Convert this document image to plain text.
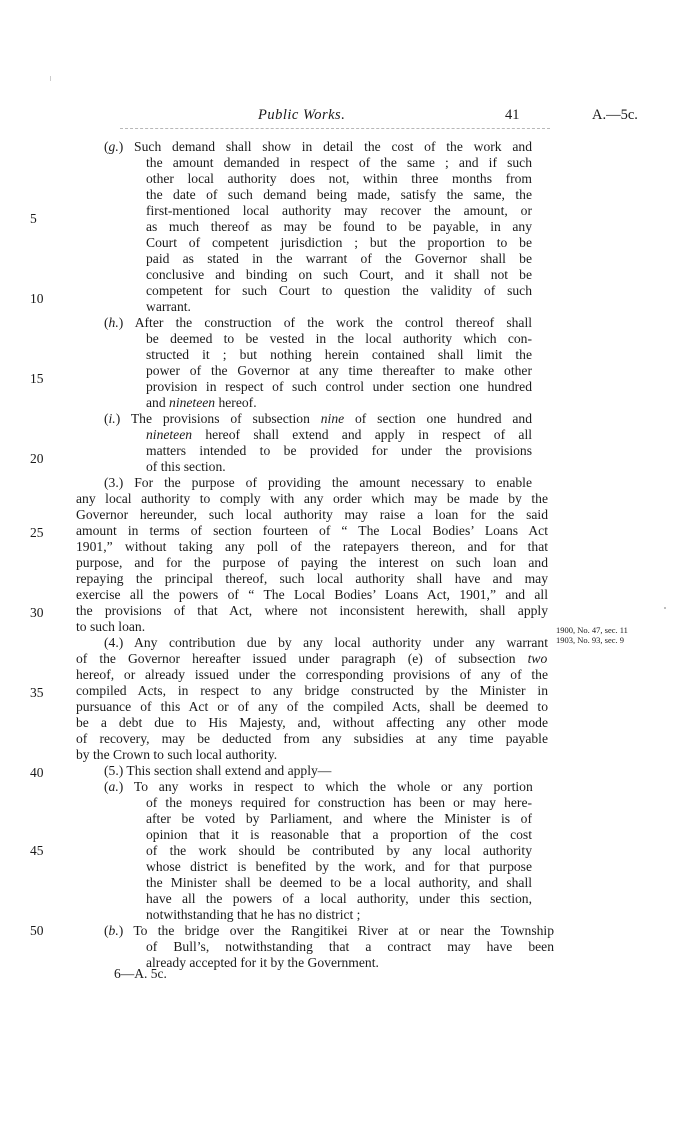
Public Works.	41	A.—5c.
(g.) Such demand shall show in detail the cost of the work and
the amount demanded in respect of the same ; and if such
other local authority does not, within three months from
the date of such demand being made, satisfy the same, the
first-mentioned local authority may recover the amount, or
as much thereof as may be found to be payable, in any
Court of competent jurisdiction ; but the proportion to be
paid as stated in the warrant of the Governor shall be
conclusive and binding on such Court, and it shall not be
competent for such Court to question the validity of such
warrant.
(h.) After the construction of the work the control thereof shall
be deemed to be vested in the local authority which con-
structed it ; but nothing herein contained shall limit the
power of the Governor at any time thereafter to make other
provision in respect of such control under section one hundred
and nineteen hereof.
(i.) The provisions of subsection nine of section one hundred and
nineteen hereof shall extend and apply in respect of all
matters intended to be provided for under the provisions
of this section.
(3.) For the purpose of providing the amount necessary to enable
any local authority to comply with any order which may be made by the
Governor hereunder, such local authority may raise a loan for the said
amount in terms of section fourteen of “ The Local Bodies’ Loans Act
1901,” without taking any poll of the ratepayers thereon, and for that
purpose, and for the purpose of paying the interest on such loan and
repaying the principal thereof, such local authority shall have and may
exercise all the powers of “ The Local Bodies’ Loans Act, 1901,” and all
the provisions of that Act, where not inconsistent herewith, shall apply
to such loan.
(4.) Any contribution due by any local authority under any warrant
of the Governor hereafter issued under paragraph (e) of subsection two
hereof, or already issued under the corresponding provisions of any of the
compiled Acts, in respect to any bridge constructed by the Minister in
pursuance of this Act or of any of the compiled Acts, shall be deemed to
be a debt due to His Majesty, and, without affecting any other mode
of recovery, may be deducted from any subsidies at any time payable
by the Crown to such local authority.
(5.) This section shall extend and apply—
(a.) To any works in respect to which the whole or any portion
of the moneys required for construction has been or may here-
after be voted by Parliament, and where the Minister is of
opinion that it is reasonable that a proportion of the cost
of the work should be contributed by any local authority
whose district is benefited by the work, and for that purpose
the Minister shall be deemed to be a local authority, and shall
have all the powers of a local authority, under this section,
notwithstanding that he has no district ;
(b.) To the bridge over the Rangitikei River at or near the Township
of Bull’s, notwithstanding that a contract may have been
already accepted for it by the Government.
5
10
15
20
25
30
35
40
45
50
1900, No. 47, sec. 11
1903, No. 93, sec. 9
6—A. 5c.
